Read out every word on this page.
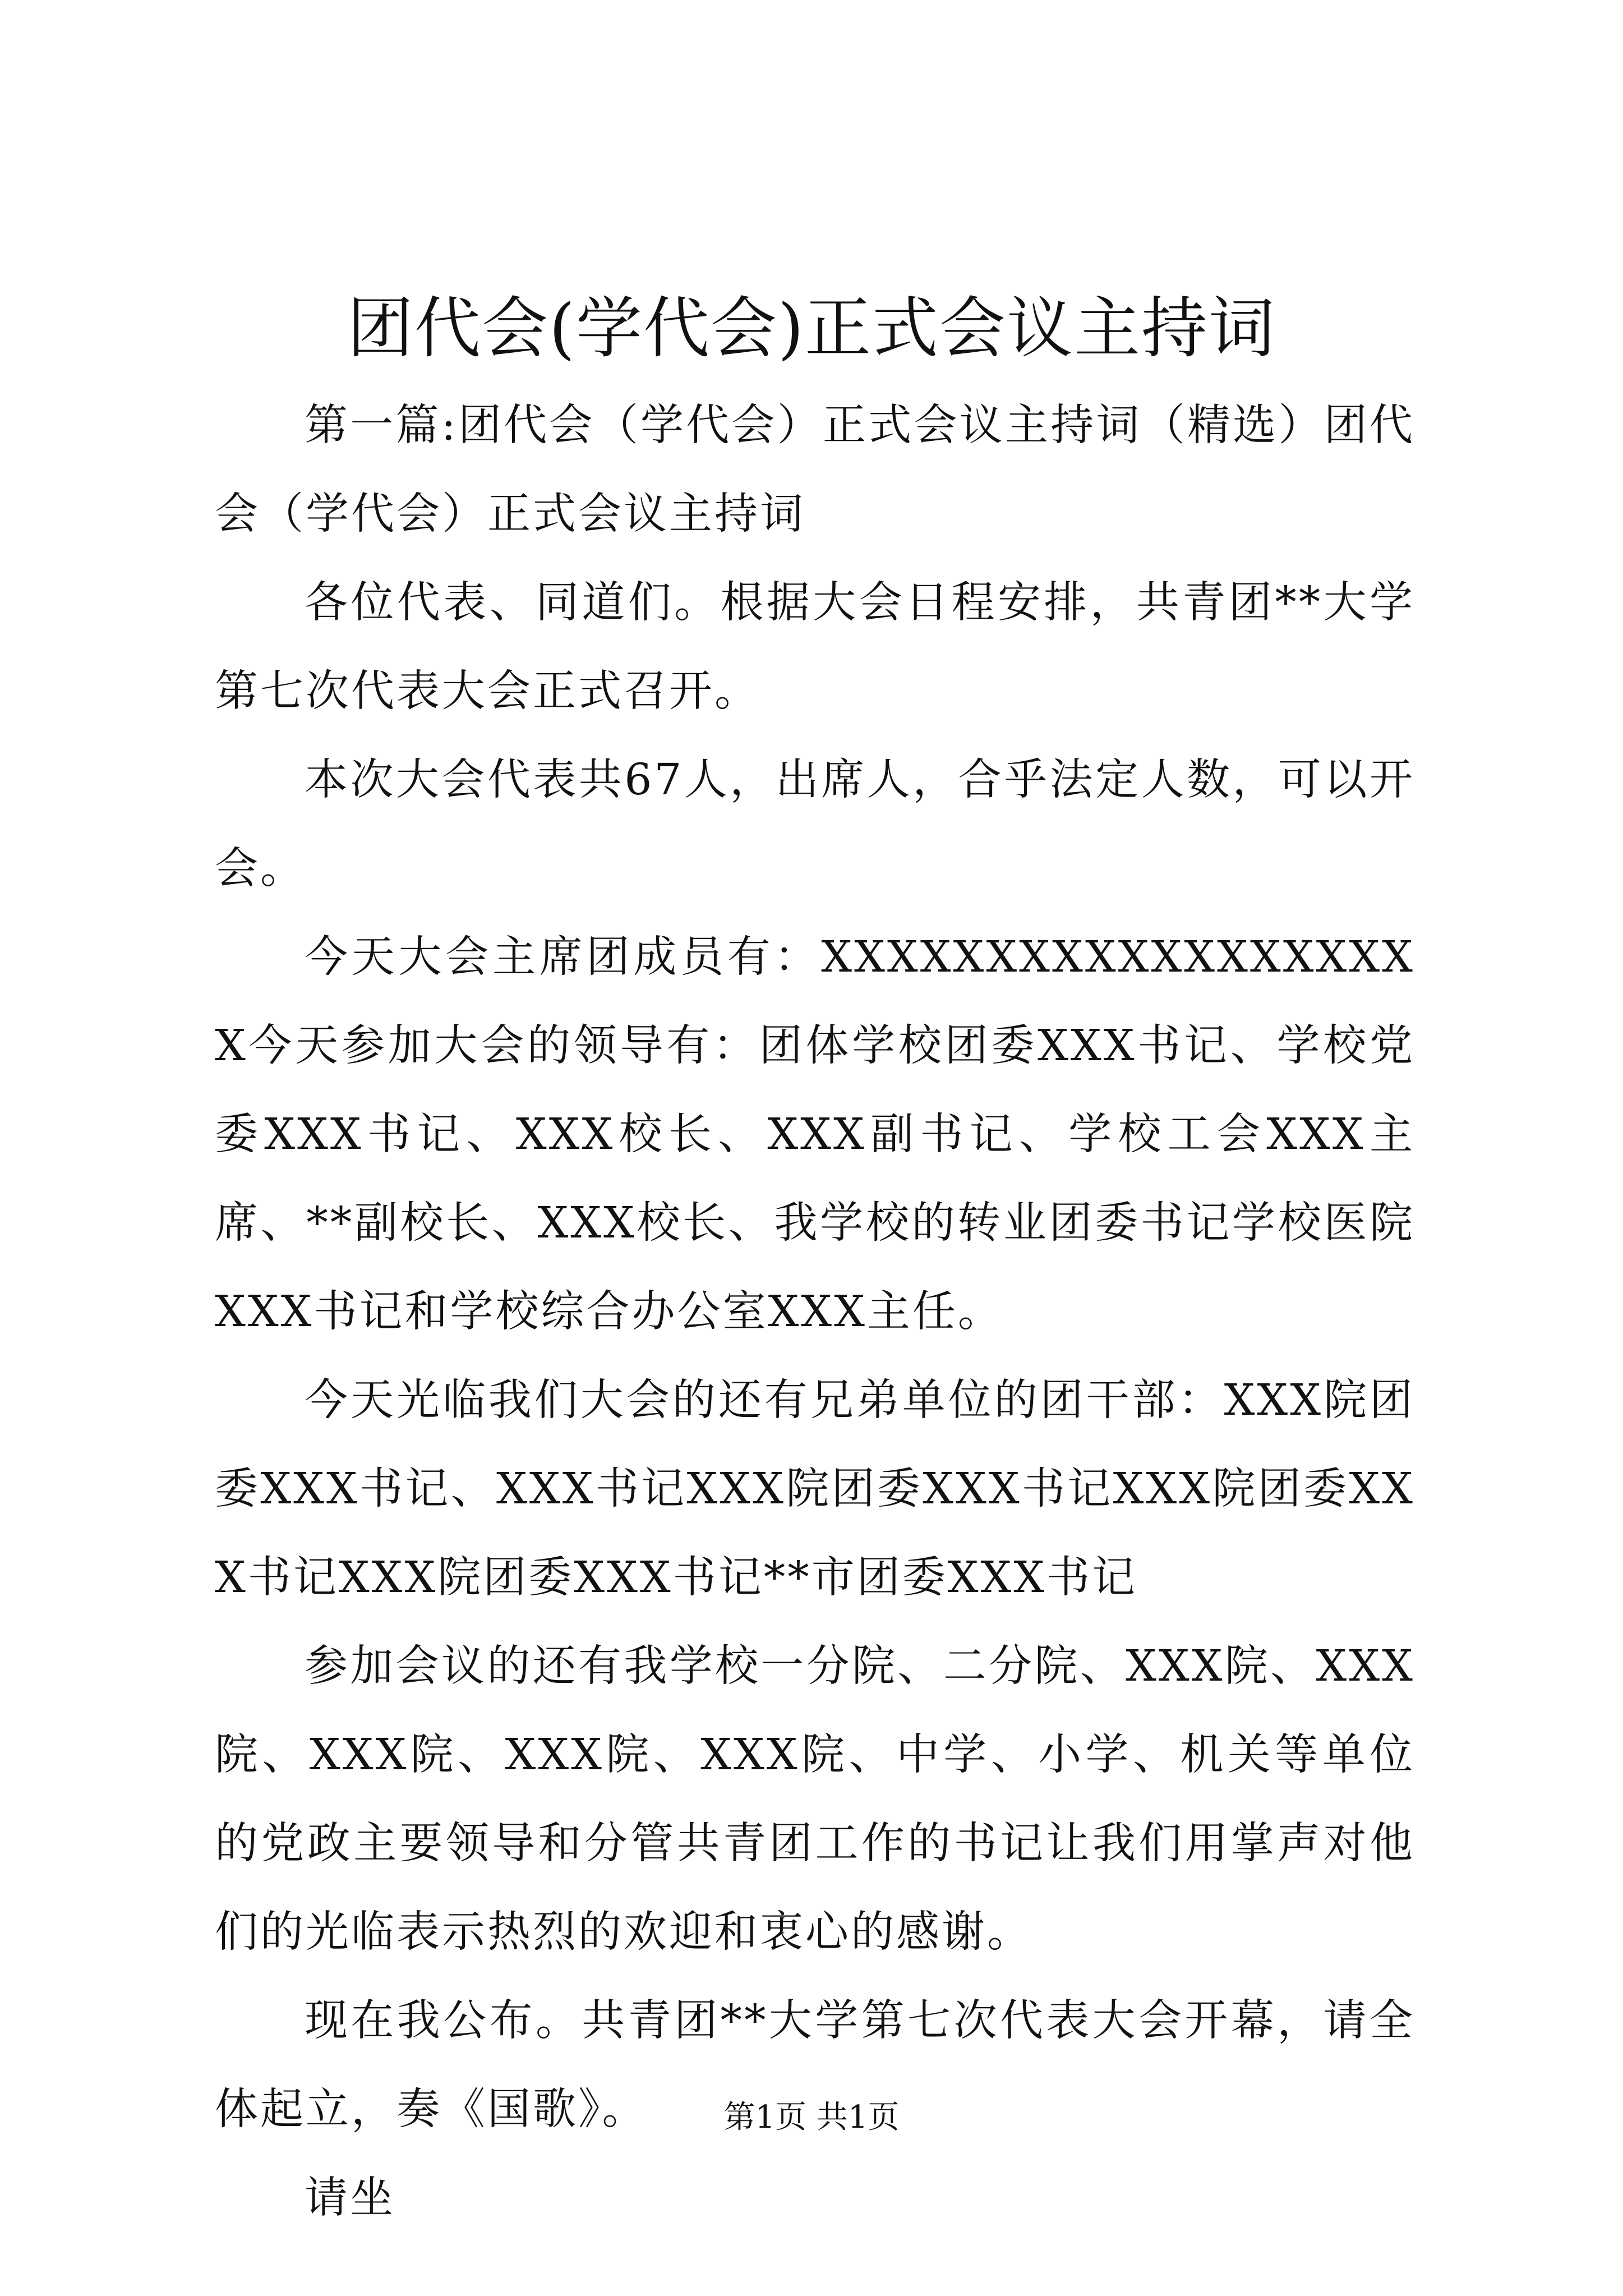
团代会(学代会)正式会议主持词

第一篇:团代会（学代会）正式会议主持词（精选）团代会（学代会）正式会议主持词

各位代表、同道们。根据大会日程安排，共青团**大学第七次代表大会正式召开。

本次大会代表共67人，出席人，合乎法定人数，可以开会。

今天大会主席团成员有：XXXXXXXXXXXXXXXXXXX今天参加大会的领导有：团体学校团委XXX书记、学校党委XXX书记、XXX校长、XXX副书记、学校工会XXX主席、**副校长、XXX校长、我学校的转业团委书记学校医院XXX书记和学校综合办公室XXX主任。

今天光临我们大会的还有兄弟单位的团干部：XXX院团委XXX书记、XXX书记XXX院团委XXX书记XXX院团委XXX书记XXX院团委XXX书记**市团委XXX书记

参加会议的还有我学校一分院、二分院、XXX院、XXX院、XXX院、XXX院、XXX院、中学、小学、机关等单位的党政主要领导和分管共青团工作的书记让我们用掌声对他们的光临表示热烈的欢迎和衷心的感谢。

现在我公布。共青团**大学第七次代表大会开幕，请全体起立，奏《国歌》。

请坐

第1页 共1页
